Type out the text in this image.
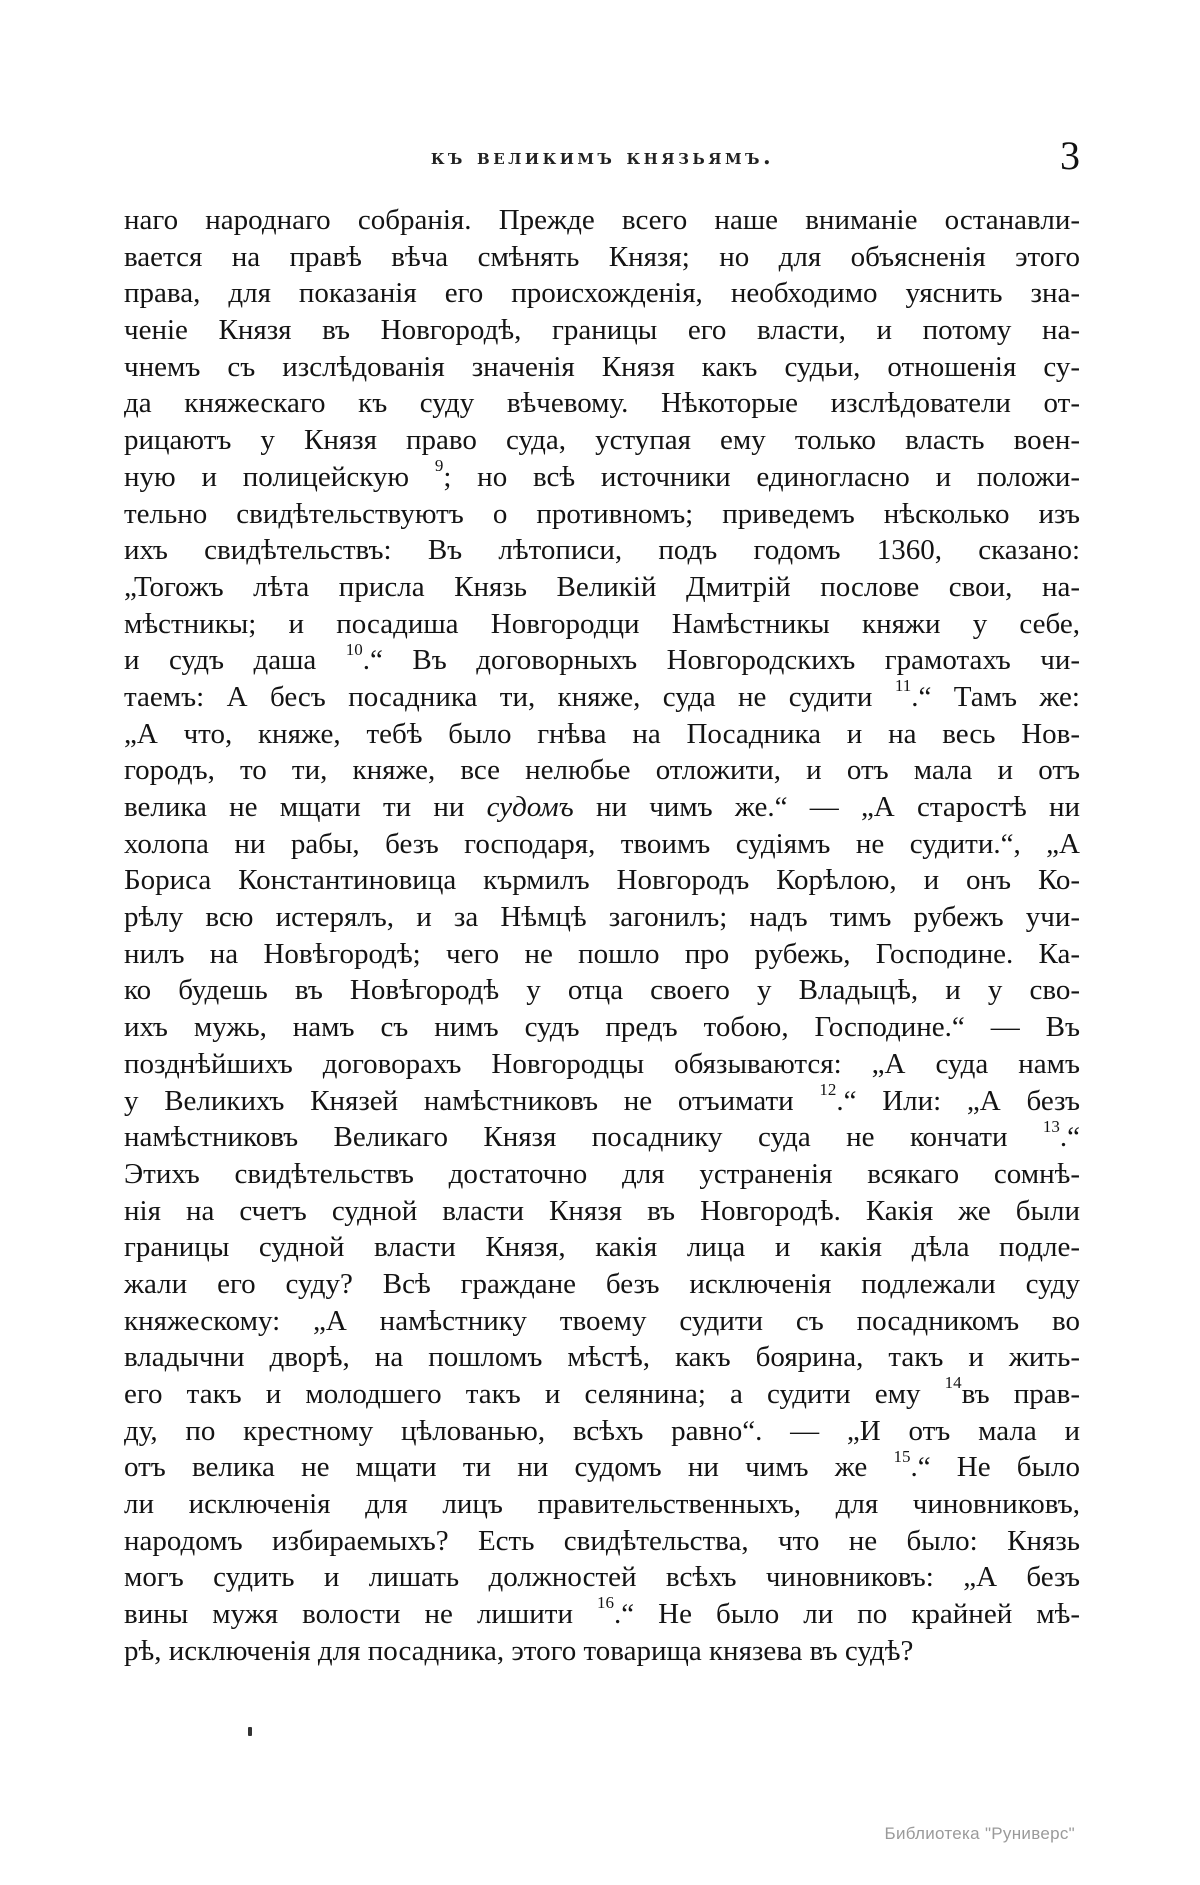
къ великимъ князьямъ.	3
наго народнаго собранія. Прежде всего наше вниманіе останавли-
вается на правѣ вѣча смѣнять Князя; но для объясненія этого
права, для показанія его происхожденія, необходимо уяснить зна-
ченіе Князя въ Новгородѣ, границы его власти, и потому на-
чнемъ съ изслѣдованія значенія Князя какъ судьи, отношенія су-
да княжескаго къ суду вѣчевому. Нѣкоторые изслѣдователи от-
рицаютъ у Князя право суда, уступая ему только власть воен-
ную и полицейскую $^9$; но всѣ источники единогласно и положи-
тельно свидѣтельствуютъ о противномъ; приведемъ нѣсколько изъ
ихъ свидѣтельствъ: Въ лѣтописи, подъ годомъ 1360, сказано:
„Тогожъ лѣта присла Князь Великій Дмитрій послове свои, на-
мѣстникы; и посадиша Новгородци Намѣстникы княжи у себе,
и судъ даша $^{10}$.“ Въ договорныхъ Новгородскихъ грамотахъ чи-
таемъ: А бесъ посадника ти, княже, суда не судити $^{11}$.“ Тамъ же:
„А что, княже, тебѣ было гнѣва на Посадника и на весь Нов-
городъ, то ти, княже, все нелюбье отложити, и отъ мала и отъ
велика не мщати ти ни судомъ ни чимъ же.“ — „А старостѣ ни
холопа ни рабы, безъ господаря, твоимъ судіямъ не судити.“, „А
Бориса Константиновица кърмилъ Новгородъ Корѣлою, и онъ Ко-
рѣлу всю истерялъ, и за Нѣмцѣ загонилъ; надъ тимъ рубежъ учи-
нилъ на Новѣгородѣ; чего не пошло про рубежь, Господине. Ка-
ко будешь въ Новѣгородѣ у отца своего у Владыцѣ, и у сво-
ихъ мужь, намъ съ нимъ судъ предъ тобою, Господине.“ — Въ
позднѣйшихъ договорахъ Новгородцы обязываются: „А суда намъ
у Великихъ Князей намѣстниковъ не отъимати $^{12}$.“ Или: „А безъ
намѣстниковъ Великаго Князя посаднику суда не кончати $^{13}$.“
Этихъ свидѣтельствъ достаточно для устраненія всякаго сомнѣ-
нія на счетъ судной власти Князя въ Новгородѣ. Какія же были
границы судной власти Князя, какія лица и какія дѣла подле-
жали его суду? Всѣ граждане безъ исключенія подлежали суду
княжескому: „А намѣстнику твоему судити съ посадникомъ во
владычни дворѣ, на пошломъ мѣстѣ, какъ боярина, такъ и жить-
его такъ и молодшего такъ и селянина; а судити ему $^{14}$въ прав-
ду, по крестному цѣлованью, всѣхъ равно“. — „И отъ мала и
отъ велика не мщати ти ни судомъ ни чимъ же $^{15}$.“ Не было
ли исключенія для лицъ правительственныхъ, для чиновниковъ,
народомъ избираемыхъ? Есть свидѣтельства, что не было: Князь
могъ судить и лишать должностей всѣхъ чиновниковъ: „А безъ
вины мужя волости не лишити $^{16}$.“ Не было ли по крайней мѣ-
рѣ, исключенія для посадника, этого товарища князева въ судѣ?
Библиотека "Руниверс"
